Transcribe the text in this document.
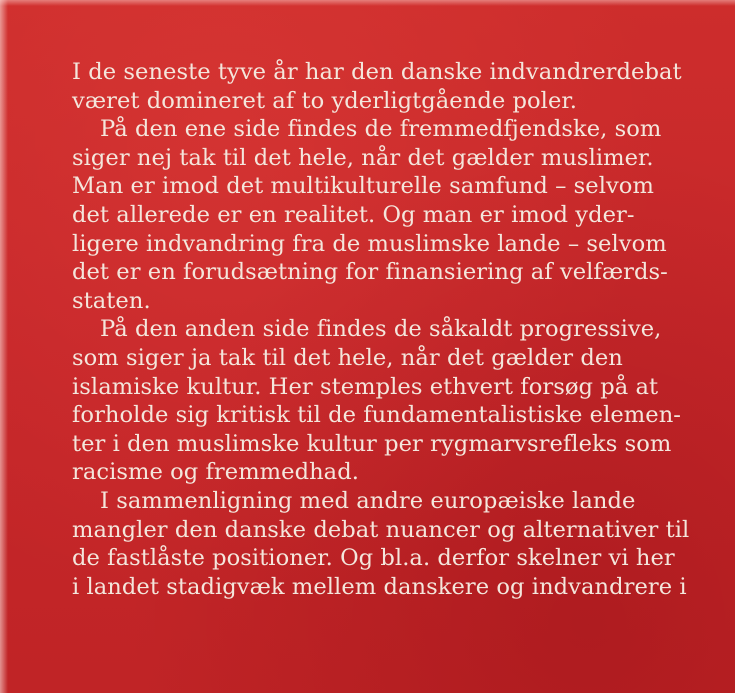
I de seneste tyve år har den danske indvandrerdebat
været domineret af to yderligtgående poler.

På den ene side findes de fremmedfjendske, som
siger nej tak til det hele, når det gælder muslimer.
Man er imod det multikulturelle samfund – selvom
det allerede er en realitet. Og man er imod yder-
ligere indvandring fra de muslimske lande – selvom
det er en forudsætning for finansiering af velfærds-
staten.

På den anden side findes de såkaldt progressive,
som siger ja tak til det hele, når det gælder den
islamiske kultur. Her stemples ethvert forsøg på at
forholde sig kritisk til de fundamentalistiske elemen-
ter i den muslimske kultur per rygmarvsrefleks som
racisme og fremmedhad.

I sammenligning med andre europæiske lande
mangler den danske debat nuancer og alternativer til
de fastlåste positioner. Og bl.a. derfor skelner vi her
i landet stadigvæk mellem danskere og indvandrere i
